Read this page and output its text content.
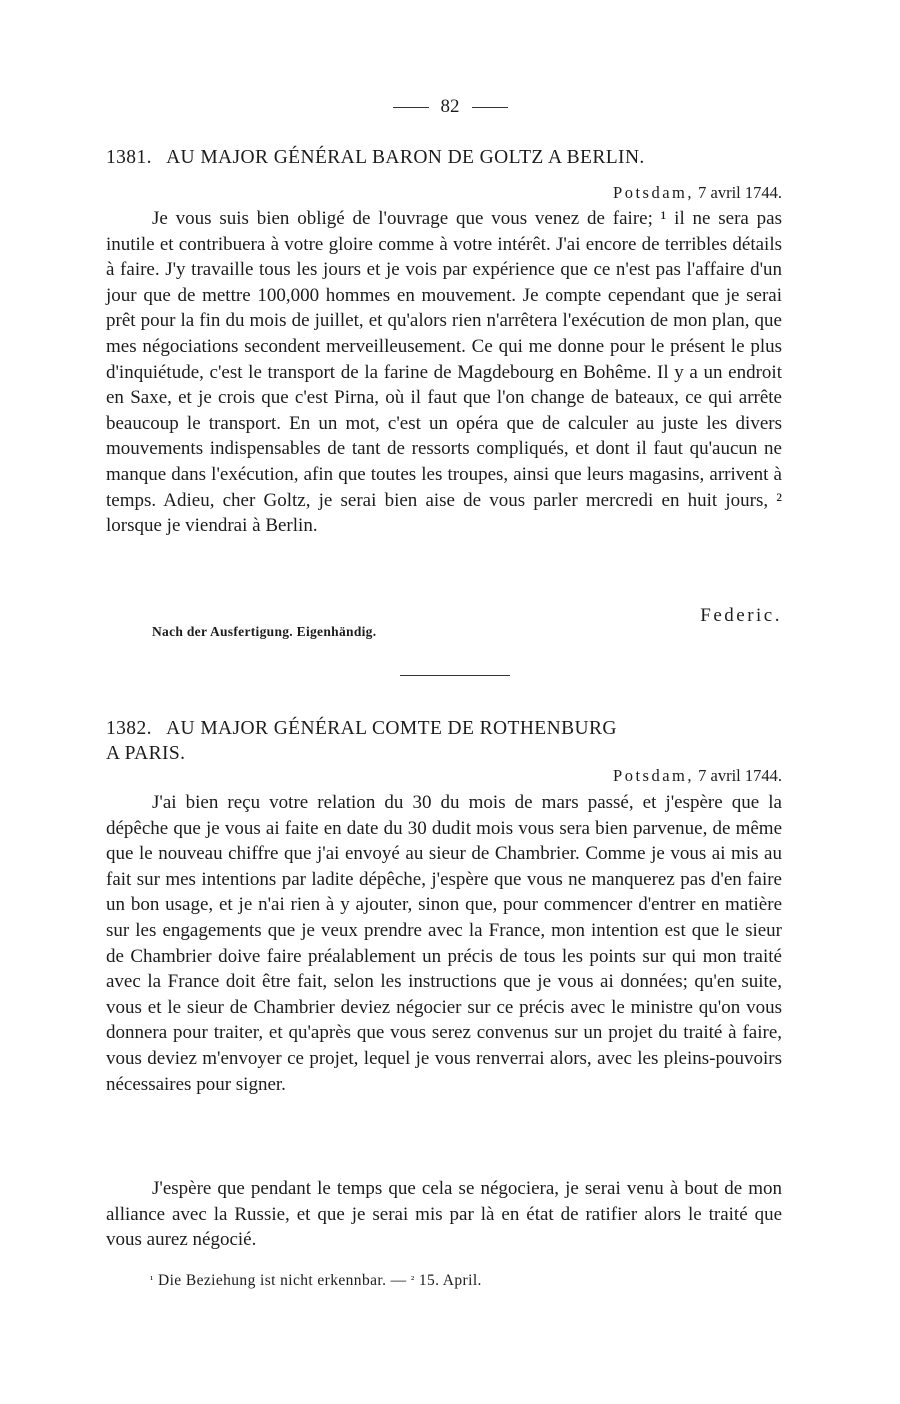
82
1381. AU MAJOR GÉNÉRAL BARON DE GOLTZ A BERLIN.
Potsdam, 7 avril 1744.
Je vous suis bien obligé de l'ouvrage que vous venez de faire; ¹ il ne sera pas inutile et contribuera à votre gloire comme à votre intérêt. J'ai encore de terribles détails à faire. J'y travaille tous les jours et je vois par expérience que ce n'est pas l'affaire d'un jour que de mettre 100,000 hommes en mouvement. Je compte cependant que je serai prêt pour la fin du mois de juillet, et qu'alors rien n'arrêtera l'exécution de mon plan, que mes négociations secondent merveilleusement. Ce qui me donne pour le présent le plus d'inquiétude, c'est le transport de la farine de Magdebourg en Bohême. Il y a un endroit en Saxe, et je crois que c'est Pirna, où il faut que l'on change de bateaux, ce qui arrête beaucoup le transport. En un mot, c'est un opéra que de calculer au juste les divers mouvements indispensables de tant de ressorts compliqués, et dont il faut qu'aucun ne manque dans l'exécution, afin que toutes les troupes, ainsi que leurs magasins, arrivent à temps. Adieu, cher Goltz, je serai bien aise de vous parler mercredi en huit jours, ² lorsque je viendrai à Berlin.
Federic.
Nach der Ausfertigung. Eigenhändig.
1382. AU MAJOR GÉNÉRAL COMTE DE ROTHENBURG
A PARIS.
Potsdam, 7 avril 1744.
J'ai bien reçu votre relation du 30 du mois de mars passé, et j'espère que la dépêche que je vous ai faite en date du 30 dudit mois vous sera bien parvenue, de même que le nouveau chiffre que j'ai envoyé au sieur de Chambrier. Comme je vous ai mis au fait sur mes intentions par ladite dépêche, j'espère que vous ne manquerez pas d'en faire un bon usage, et je n'ai rien à y ajouter, sinon que, pour commencer d'entrer en matière sur les engagements que je veux prendre avec la France, mon intention est que le sieur de Chambrier doive faire préalablement un précis de tous les points sur qui mon traité avec la France doit être fait, selon les instructions que je vous ai données; qu'en suite, vous et le sieur de Chambrier deviez négocier sur ce précis avec le ministre qu'on vous donnera pour traiter, et qu'après que vous serez convenus sur un projet du traité à faire, vous deviez m'envoyer ce projet, lequel je vous renverrai alors, avec les pleins-pouvoirs nécessaires pour signer.
J'espère que pendant le temps que cela se négociera, je serai venu à bout de mon alliance avec la Russie, et que je serai mis par là en état de ratifier alors le traité que vous aurez négocié.
¹ Die Beziehung ist nicht erkennbar. — ² 15. April.
